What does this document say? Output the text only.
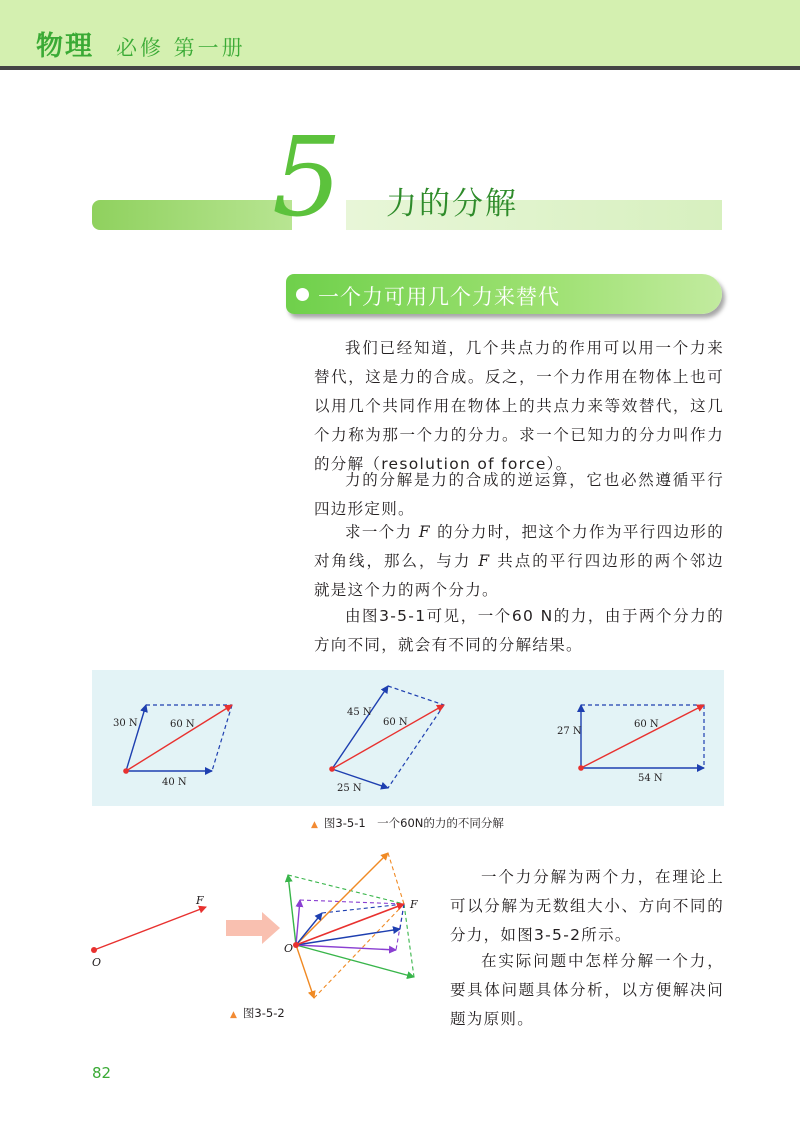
物理 必修 第一册
5 力的分解
一个力可用几个力来替代
我们已经知道，几个共点力的作用可以用一个力来替代，这是力的合成。反之，一个力作用在物体上也可以用几个共同作用在物体上的共点力来等效替代，这几个力称为那一个力的分力。求一个已知力的分力叫作力的分解（resolution of force）。
力的分解是力的合成的逆运算，它也必然遵循平行四边形定则。
求一个力 F 的分力时，把这个力作为平行四边形的对角线，那么，与力 F 共点的平行四边形的两个邻边就是这个力的两个分力。
由图3-5-1可见，一个60 N的力，由于两个分力的方向不同，就会有不同的分解结果。
30 N	60 N
40 N
45 N
60 N
25 N
27 N
60 N
54 N
▲ 图3-5-1　一个60N的力的不同分解
F
O
F
O
▲ 图3-5-2
一个力分解为两个力，在理论上可以分解为无数组大小、方向不同的分力，如图3-5-2所示。
在实际问题中怎样分解一个力，要具体问题具体分析，以方便解决问题为原则。
82
